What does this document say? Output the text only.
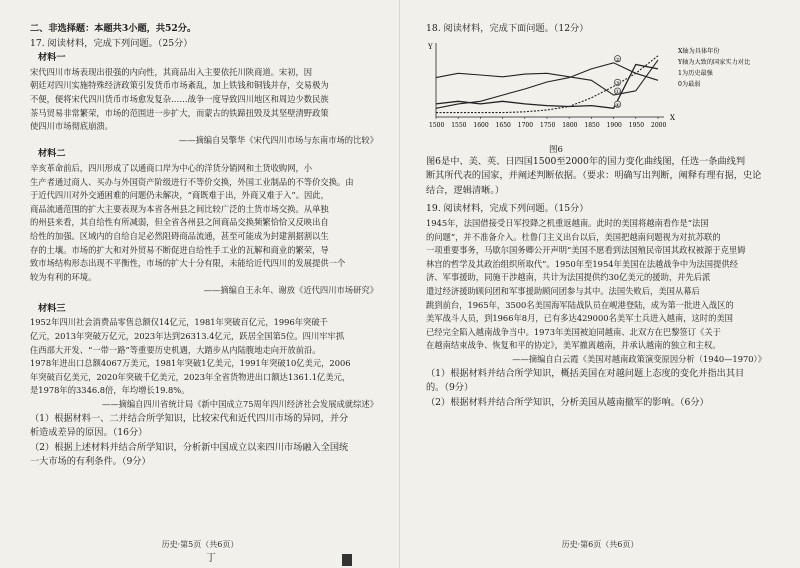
二、非选择题：本题共3小题，共52分。
17. 阅读材料，完成下列问题。（25分）
材料一
宋代四川市场表现出很强的内向性，其商品出入主要依托川陕商道。宋初，因
朝廷对四川实施特殊经济政策引发货币市场紊乱，加上铁钱和铜钱并存，交易极为
不便，便将宋代四川货币市场愈发复杂……战争一度导致四川地区和周边少数民族
茶马贸易非常繁荣，市场的范围进一步扩大，而蒙古的铁蹄扭毁及其坚壁清野政策
使四川市场彻底崩溃。
——摘编自吴擎华《宋代四川市场与东南市场的比较》
材料二
辛亥革命前后，四川形成了以通商口岸为中心的洋货分销网和土货收购网，小
生产者通过商人、买办与外国资产阶级进行不等价交换，外国工业制品的不等价交换。由
于近代四川对外交通困难的问题仍未解决，“商既难于出，外商又难于入”。因此，
商品流通范围的扩大主要表现为本省各州县之间比较广泛的土货市场交换。从单独
的州县来看，其自给性有所减弱，但全省各州县之间商品交换频繁恰恰又反映出自
给性的加强。区域内的自给自足必然阻碍商品流通，甚至可能成为封建割据割以生
存的土壤。市场的扩大和对外贸易不断促进自给性手工业的瓦解和商业的繁荣，导
致市场结构形态出现不平衡性，市场的扩大十分有限，未能给近代四川的发展提供一个
较为有利的环境。
——摘编自王永年、谢放《近代四川市场研究》
材料三
1952年四川社会消费品零售总额仅14亿元，1981年突破百亿元，1996年突破千
亿元，2013年突破万亿元，2023年达到26313.4亿元，跃居全国第5位。四川牢牢抓
住西部大开发、“一带一路”等重要历史机遇，大踏步从内陆腹地走向开放前沿。
1978年进出口总额4067万美元，1981年突破1亿美元，1991年突破10亿美元，2006
年突破百亿美元，2020年突破千亿美元，2023年全省货物进出口额达1361.1亿美元，
是1978年的3346.8倍，年均增长19.8%。
——摘编自四川省统计局《新中国成立75周年四川经济社会发展成就综述》
（1）根据材料一、二并结合所学知识，比较宋代和近代四川市场的异同，并分
析造成差异的原因。（16分）
（2）根据上述材料并结合所学知识，分析新中国成立以来四川市场融入全国统
一大市场的有利条件。（9分）
历史·第5页（共6页）
丁
18. 阅读材料，完成下面问题。（12分）
X
Y
1500 1550 1600 1650 1700 1750 1800 1850 1900 1950 2000
①
②
③
④
X轴为具体年份
Y轴为大致的国家实力对比
1为历史最强
0为最弱
图6
图6是中、美、英、日四国1500至2000年的国力变化曲线图，任选一条曲线判
断其所代表的国家，并阐述判断依据。（要求：明确写出判断，阐释有理有据，史论
结合，逻辑清晰。）
19. 阅读材料，完成下列问题。（15分）
1945年，法国借接受日军投降之机重返越南。此时的美国将越南看作是“法国
的问题”，并不准备介入。杜鲁门主义出台以后，美国把越南问题视为对抗苏联的
一项重要事务，马歇尔国务卿公开声明“美国不愿看到法国殖民帝国其政权被源于克里姆
林宫的哲学及其政治组织所取代”。1950年至1954年美国在法越战争中为法国提供经
济、军事援助，同施干涉越南，共计为法国提供约30亿美元的援助，并先后派
遣过经济援助顾问团和军事援助顾问团参与其中。法国失败后，美国从幕后
跳到前台，1965年，3500名美国海军陆战队员在岘港登陆，成为第一批进入战区的
美军战斗人员，到1966年8月，已有多达429000名美军士兵进入越南，这时的美国
已经完全陷入越南战争当中。1973年美国被迫同越南、北双方在巴黎签订《关于
在越南结束战争、恢复和平的协定》，美军撤离越南，并承认越南的独立和主权。
——摘编自白云霞《美国对越南政策演变原因分析（1940—1970）》
（1）根据材料并结合所学知识，概括美国在对越问题上态度的变化并指出其目
的。（9分）
（2）根据材料并结合所学知识，分析美国从越南撤军的影响。（6分）
历史·第6页（共6页）
